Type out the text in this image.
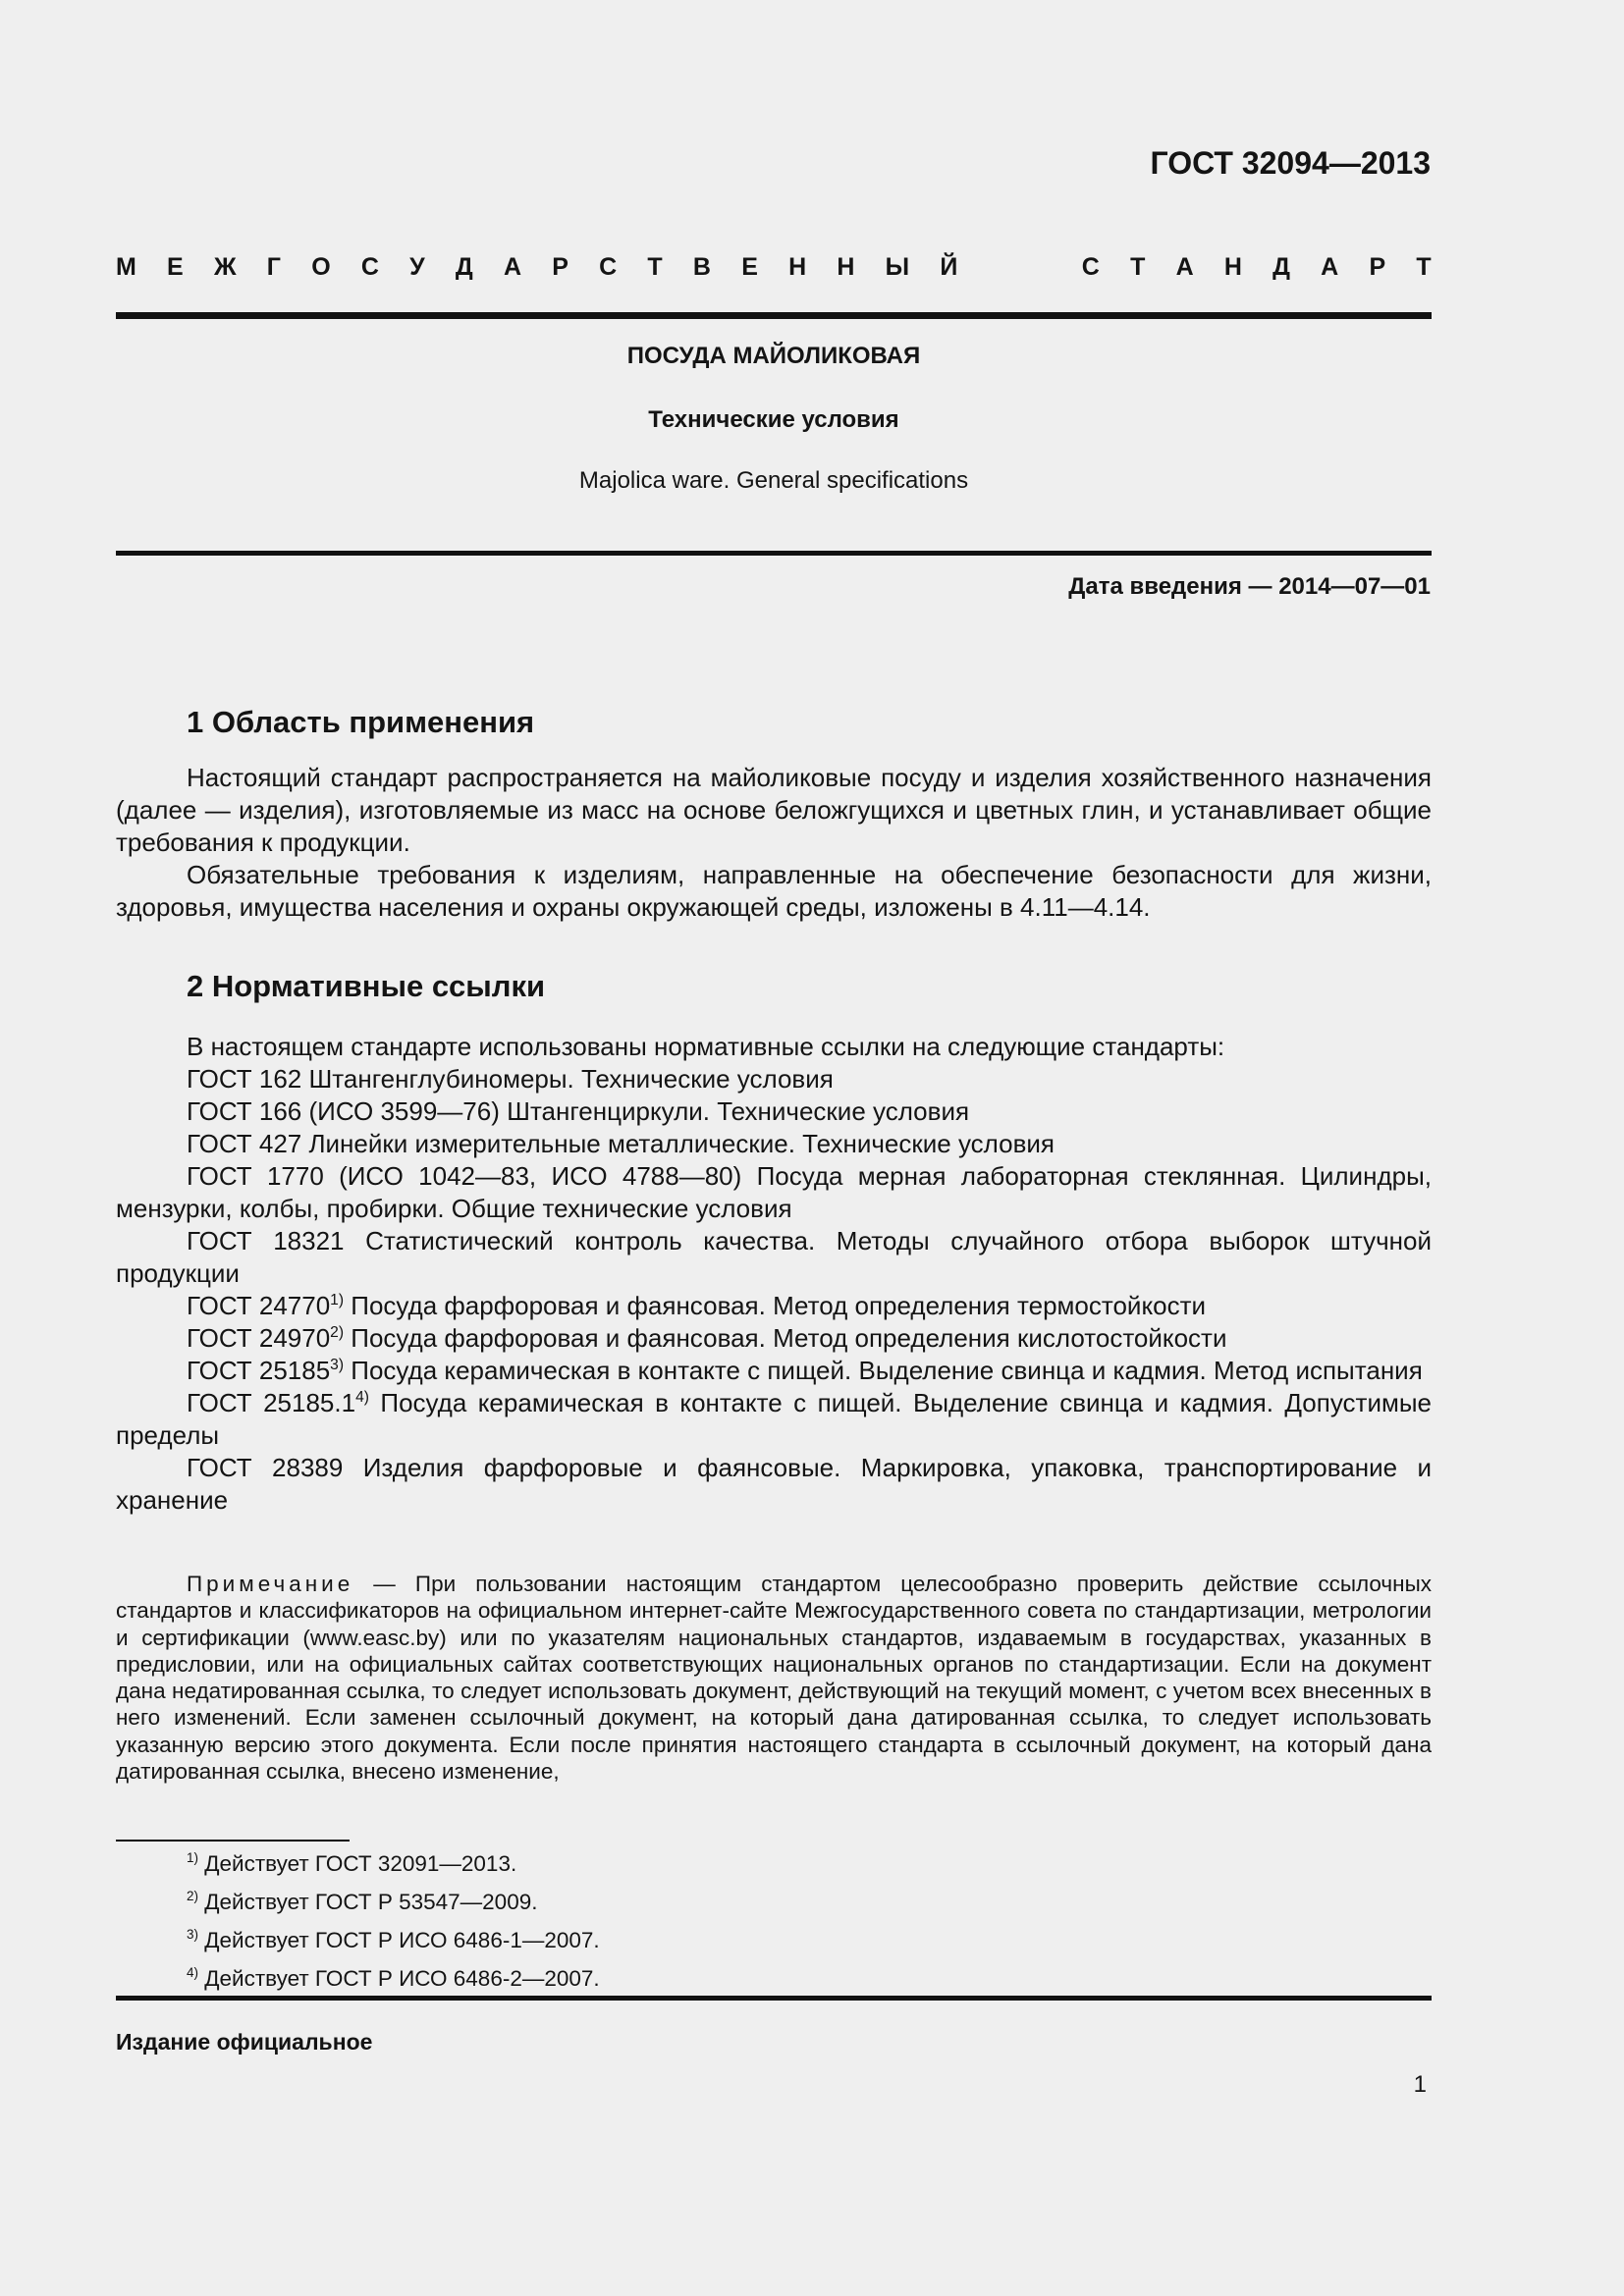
ГОСТ 32094—2013
М Е Ж Г О С У Д А Р С Т В Е Н Н Ы Й	С Т А Н Д А Р Т
ПОСУДА МАЙОЛИКОВАЯ
Технические условия
Majolica ware. General specifications
Дата введения — 2014—07—01
1 Область применения

Настоящий стандарт распространяется на майоликовые посуду и изделия хозяйственного назначения (далее — изделия), изготовляемые из масс на основе беложгущихся и цветных глин, и устанавливает общие требования к продукции.

Обязательные требования к изделиям, направленные на обеспечение безопасности для жизни, здоровья, имущества населения и охраны окружающей среды, изложены в 4.11—4.14.

2 Нормативные ссылки

В настоящем стандарте использованы нормативные ссылки на следующие стандарты:

ГОСТ 162 Штангенглубиномеры. Технические условия

ГОСТ 166 (ИСО 3599—76) Штангенциркули. Технические условия

ГОСТ 427 Линейки измерительные металлические. Технические условия

ГОСТ 1770 (ИСО 1042—83, ИСО 4788—80) Посуда мерная лабораторная стеклянная. Цилиндры, мензурки, колбы, пробирки. Общие технические условия

ГОСТ 18321 Статистический контроль качества. Методы случайного отбора выборок штучной продукции

ГОСТ 24770$^{1)}$ Посуда фарфоровая и фаянсовая. Метод определения термостойкости

ГОСТ 24970$^{2)}$ Посуда фарфоровая и фаянсовая. Метод определения кислотостойкости

ГОСТ 25185$^{3)}$ Посуда керамическая в контакте с пищей. Выделение свинца и кадмия. Метод испытания

ГОСТ 25185.1$^{4)}$ Посуда керамическая в контакте с пищей. Выделение свинца и кадмия. Допустимые пределы

ГОСТ 28389 Изделия фарфоровые и фаянсовые. Маркировка, упаковка, транспортирование и хранение

Примечание — При пользовании настоящим стандартом целесообразно проверить действие ссылочных стандартов и классификаторов на официальном интернет-сайте Межгосударственного совета по стандартизации, метрологии и сертификации (www.easc.by) или по указателям национальных стандартов, издаваемым в государствах, указанных в предисловии, или на официальных сайтах соответствующих национальных органов по стандартизации. Если на документ дана недатированная ссылка, то следует использовать документ, действующий на текущий момент, с учетом всех внесенных в него изменений. Если заменен ссылочный документ, на который дана датированная ссылка, то следует использовать указанную версию этого документа. Если после принятия настоящего стандарта в ссылочный документ, на который дана датированная ссылка, внесено изменение,
$^{1)}$ Действует ГОСТ 32091—2013.
$^{2)}$ Действует ГОСТ Р 53547—2009.
$^{3)}$ Действует ГОСТ Р ИСО 6486-1—2007.
$^{4)}$ Действует ГОСТ Р ИСО 6486-2—2007.
Издание официальное
1
